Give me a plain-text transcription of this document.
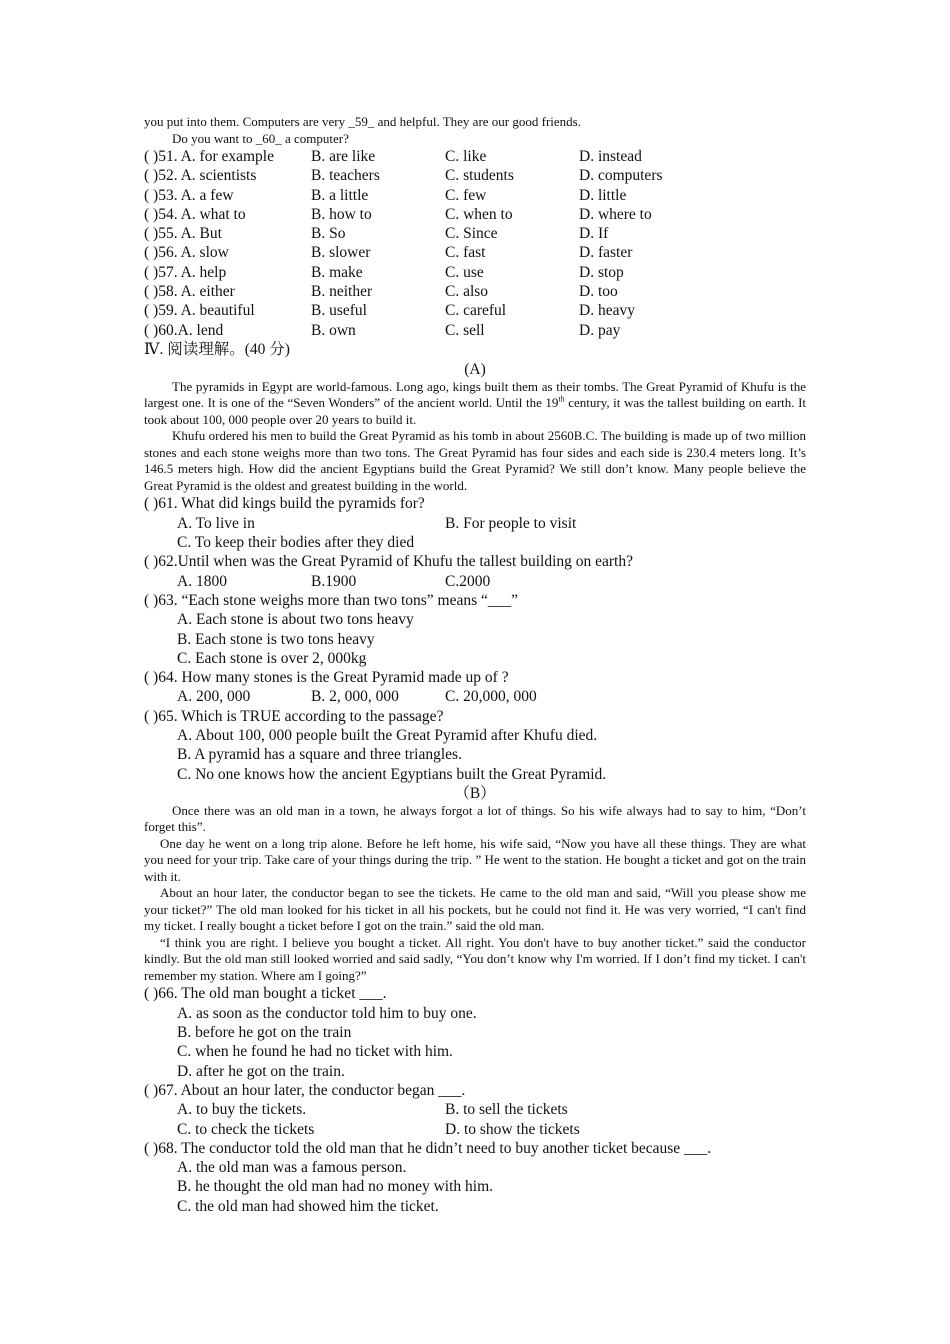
you put into them. Computers are very _59_ and helpful. They are our good friends.
Do you want to _60_ a computer?
( )51. A. for example	B. are like	C. like	D. instead
( )52. A. scientists	B. teachers	C. students	D. computers
( )53. A. a few	B. a little	C. few	D. little
( )54. A. what to	B. how to	C. when to	D. where to
( )55. A. But	B. So	C. Since	D. If
( )56. A. slow	B. slower	C. fast	D. faster
( )57. A. help	B. make	C. use	D. stop
( )58. A. either	B. neither	C. also	D. too
( )59. A. beautiful	B. useful	C. careful	D. heavy
( )60.A. lend	B. own	C. sell	D. pay
Ⅳ. 阅读理解。(40 分)
(A)
The pyramids in Egypt are world-famous. Long ago, kings built them as their tombs. The Great Pyramid of Khufu is the largest one. It is one of the “Seven Wonders” of the ancient world. Until the 19th century, it was the tallest building on earth. It took about 100, 000 people over 20 years to build it.
Khufu ordered his men to build the Great Pyramid as his tomb in about 2560B.C. The building is made up of two million stones and each stone weighs more than two tons. The Great Pyramid has four sides and each side is 230.4 meters long. It’s 146.5 meters high. How did the ancient Egyptians build the Great Pyramid? We still don’t know. Many people believe the Great Pyramid is the oldest and greatest building in the world.
( )61. What did kings build the pyramids for?
A. To live in	B. For people to visit
C. To keep their bodies after they died
( )62.Until when was the Great Pyramid of Khufu the tallest building on earth?
A. 1800	B.1900	C.2000
( )63. “Each stone weighs more than two tons” means “___”
A. Each stone is about two tons heavy
B. Each stone is two tons heavy
C. Each stone is over 2, 000kg
( )64. How many stones is the Great Pyramid made up of ?
A. 200, 000	B. 2, 000, 000	C. 20,000, 000
( )65. Which is TRUE according to the passage?
A. About 100, 000 people built the Great Pyramid after Khufu died.
B. A pyramid has a square and three triangles.
C. No one knows how the ancient Egyptians built the Great Pyramid.
（B）
Once there was an old man in a town, he always forgot a lot of things. So his wife always had to say to him, “Don’t forget this”.
One day he went on a long trip alone. Before he left home, his wife said, “Now you have all these things. They are what you need for your trip. Take care of your things during the trip. ” He went to the station. He bought a ticket and got on the train with it.
About an hour later, the conductor began to see the tickets. He came to the old man and said, “Will you please show me your ticket?” The old man looked for his ticket in all his pockets, but he could not find it. He was very worried, “I can't find my ticket. I really bought a ticket before I got on the train.” said the old man.
“I think you are right. I believe you bought a ticket. All right. You don't have to buy another ticket.” said the conductor kindly. But the old man still looked worried and said sadly, “You don’t know why I'm worried. If I don’t find my ticket. I can't remember my station. Where am I going?”
( )66. The old man bought a ticket ___.
A. as soon as the conductor told him to buy one.
B. before he got on the train
C. when he found he had no ticket with him.
D. after he got on the train.
( )67. About an hour later, the conductor began ___.
A. to buy the tickets.	B. to sell the tickets
C. to check the tickets	D. to show the tickets
( )68. The conductor told the old man that he didn’t need to buy another ticket because ___.
A. the old man was a famous person.
B. he thought the old man had no money with him.
C. the old man had showed him the ticket.
